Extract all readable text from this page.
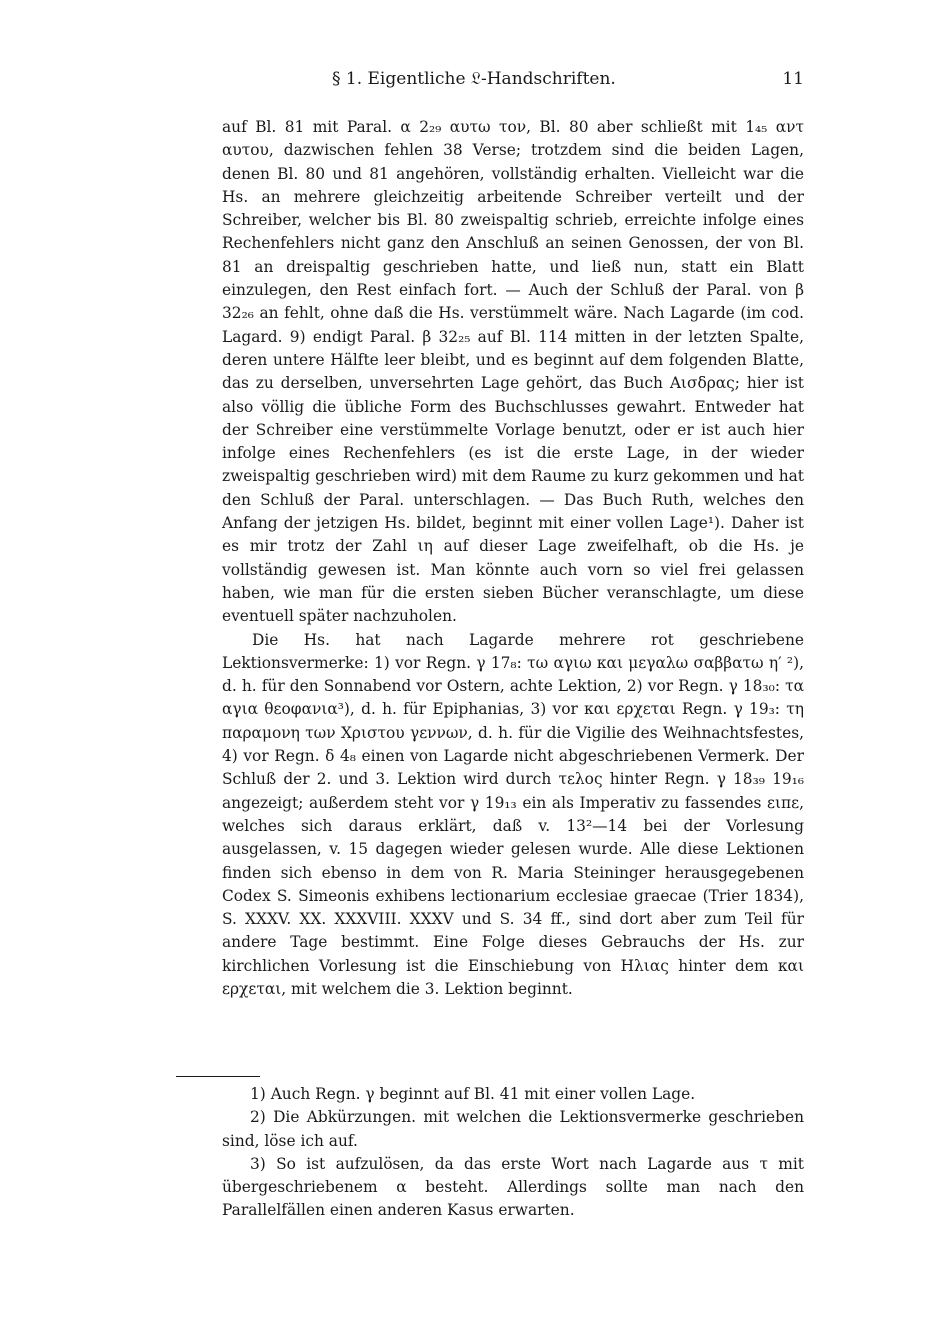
§ 1. Eigentliche 𝔏-Handschriften.	11

auf Bl. 81 mit Paral. α 2₂₉ αυτω τον, Bl. 80 aber schließt mit 1₄₅ αντ αυτου, dazwischen fehlen 38 Verse; trotzdem sind die beiden Lagen, denen Bl. 80 und 81 angehören, vollständig erhalten. Vielleicht war die Hs. an mehrere gleichzeitig arbeitende Schreiber verteilt und der Schreiber, welcher bis Bl. 80 zweispaltig schrieb, erreichte infolge eines Rechenfehlers nicht ganz den Anschluß an seinen Genossen, der von Bl. 81 an dreispaltig geschrieben hatte, und ließ nun, statt ein Blatt einzulegen, den Rest einfach fort. — Auch der Schluß der Paral. von β 32₂₆ an fehlt, ohne daß die Hs. verstümmelt wäre. Nach Lagarde (im cod. Lagard. 9) endigt Paral. β 32₂₅ auf Bl. 114 mitten in der letzten Spalte, deren untere Hälfte leer bleibt, und es beginnt auf dem folgenden Blatte, das zu derselben, unversehrten Lage gehört, das Buch Αισδρας; hier ist also völlig die übliche Form des Buchschlusses gewahrt. Entweder hat der Schreiber eine verstümmelte Vorlage benutzt, oder er ist auch hier infolge eines Rechenfehlers (es ist die erste Lage, in der wieder zweispaltig geschrieben wird) mit dem Raume zu kurz gekommen und hat den Schluß der Paral. unterschlagen. — Das Buch Ruth, welches den Anfang der jetzigen Hs. bildet, beginnt mit einer vollen Lage¹). Daher ist es mir trotz der Zahl ιη auf dieser Lage zweifelhaft, ob die Hs. je vollständig gewesen ist. Man könnte auch vorn so viel frei gelassen haben, wie man für die ersten sieben Bücher veranschlagte, um diese eventuell später nachzuholen.

Die Hs. hat nach Lagarde mehrere rot geschriebene Lektionsvermerke: 1) vor Regn. γ 17₈: τω αγιω και μεγαλω σαββατω η′ ²), d. h. für den Sonnabend vor Ostern, achte Lektion, 2) vor Regn. γ 18₃₀: τα αγια θεοφανια³), d. h. für Epiphanias, 3) vor και ερχεται Regn. γ 19₃: τη παραμονη των Χριστου γεννων, d. h. für die Vigilie des Weihnachtsfestes, 4) vor Regn. δ 4₈ einen von Lagarde nicht abgeschriebenen Vermerk. Der Schluß der 2. und 3. Lektion wird durch τελος hinter Regn. γ 18₃₉ 19₁₆ angezeigt; außerdem steht vor γ 19₁₃ ein als Imperativ zu fassendes ειπε, welches sich daraus erklärt, daß v. 13²—14 bei der Vorlesung ausgelassen, v. 15 dagegen wieder gelesen wurde. Alle diese Lektionen finden sich ebenso in dem von R. Maria Steininger herausgegebenen Codex S. Simeonis exhibens lectionarium ecclesiae graecae (Trier 1834), S. XXXV. XX. XXXVIII. XXXV und S. 34 ff., sind dort aber zum Teil für andere Tage bestimmt. Eine Folge dieses Gebrauchs der Hs. zur kirchlichen Vorlesung ist die Einschiebung von Ηλιας hinter dem και ερχεται, mit welchem die 3. Lektion beginnt.

1) Auch Regn. γ beginnt auf Bl. 41 mit einer vollen Lage.

2) Die Abkürzungen. mit welchen die Lektionsvermerke geschrieben sind, löse ich auf.

3) So ist aufzulösen, da das erste Wort nach Lagarde aus τ mit übergeschriebenem α besteht. Allerdings sollte man nach den Parallelfällen einen anderen Kasus erwarten.
